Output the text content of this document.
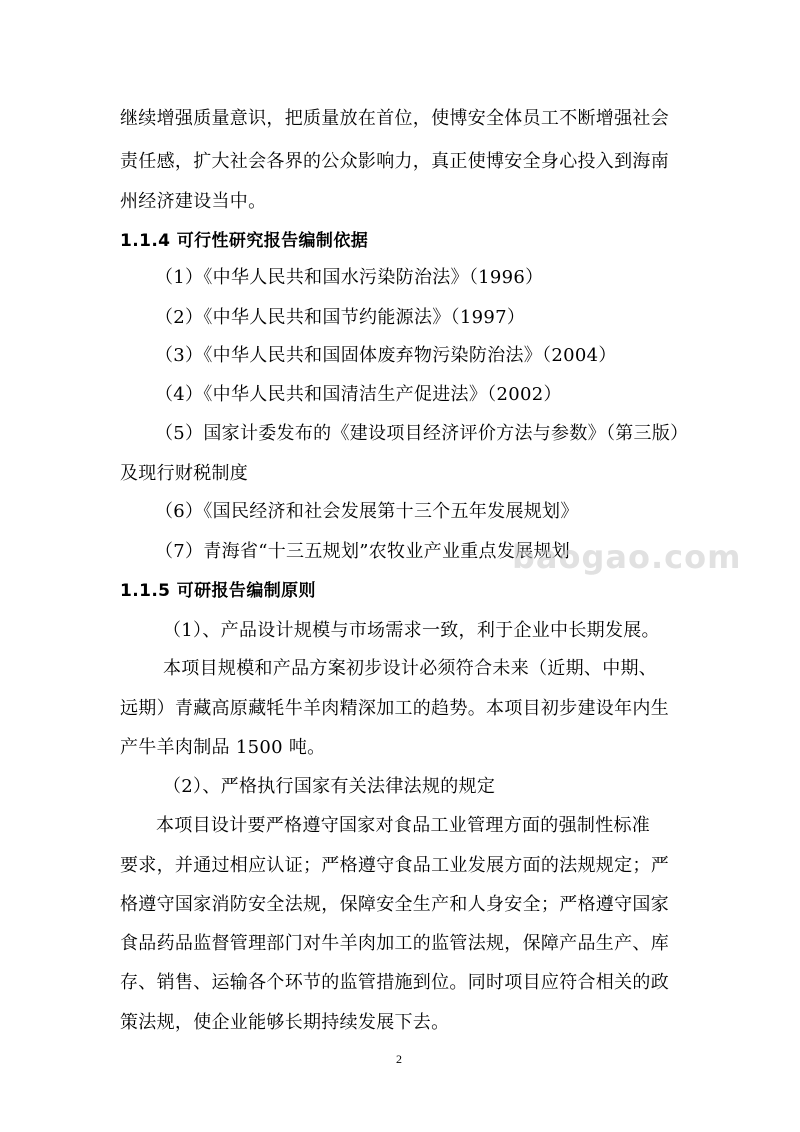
继续增强质量意识，把质量放在首位，使博安全体员工不断增强社会
责任感，扩大社会各界的公众影响力，真正使博安全身心投入到海南
州经济建设当中。
1.1.4 可行性研究报告编制依据
（1）《中华人民共和国水污染防治法》（1996）
（2）《中华人民共和国节约能源法》（1997）
（3）《中华人民共和国固体废弃物污染防治法》（2004）
（4）《中华人民共和国清洁生产促进法》（2002）
（5）国家计委发布的《建设项目经济评价方法与参数》（第三版）
及现行财税制度
（6）《国民经济和社会发展第十三个五年发展规划》
（7）青海省“十三五规划”农牧业产业重点发展规划
1.1.5 可研报告编制原则
（1）、产品设计规模与市场需求一致，利于企业中长期发展。
本项目规模和产品方案初步设计必须符合未来（近期、中期、
远期）青藏高原藏牦牛羊肉精深加工的趋势。本项目初步建设年内生
产牛羊肉制品 1500 吨。
（2）、严格执行国家有关法律法规的规定
本项目设计要严格遵守国家对食品工业管理方面的强制性标准
要求，并通过相应认证；严格遵守食品工业发展方面的法规规定；严
格遵守国家消防安全法规，保障安全生产和人身安全；严格遵守国家
食品药品监督管理部门对牛羊肉加工的监管法规，保障产品生产、库
存、销售、运输各个环节的监管措施到位。同时项目应符合相关的政
策法规，使企业能够长期持续发展下去。
baogao.com
2
